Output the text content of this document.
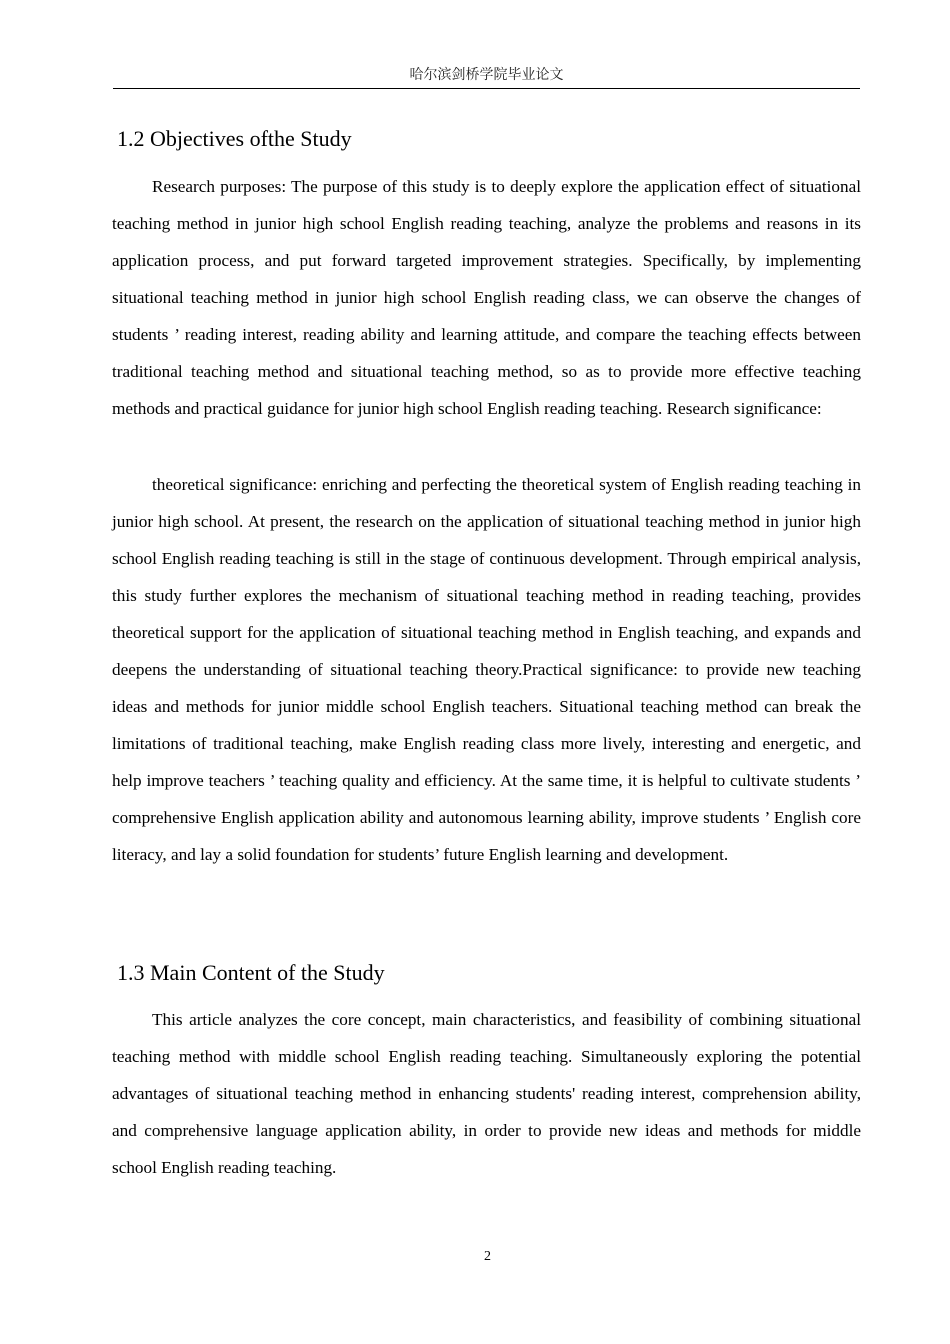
哈尔滨剑桥学院毕业论文
1.2 Objectives ofthe Study

Research purposes: The purpose of this study is to deeply explore the application effect of situational teaching method in junior high school English reading teaching, analyze the problems and reasons in its application process, and put forward targeted improvement strategies. Specifically, by implementing situational teaching method in junior high school English reading class, we can observe the changes of students ’ reading interest, reading ability and learning attitude, and compare the teaching effects between traditional teaching method and situational teaching method, so as to provide more effective teaching methods and practical guidance for junior high school English reading teaching. Research significance:

theoretical significance: enriching and perfecting the theoretical system of English reading teaching in junior high school. At present, the research on the application of situational teaching method in junior high school English reading teaching is still in the stage of continuous development. Through empirical analysis, this study further explores the mechanism of situational teaching method in reading teaching, provides theoretical support for the application of situational teaching method in English teaching, and expands and deepens the understanding of situational teaching theory.Practical significance: to provide new teaching ideas and methods for junior middle school English teachers. Situational teaching method can break the limitations of traditional teaching, make English reading class more lively, interesting and energetic, and help improve teachers ’ teaching quality and efficiency. At the same time, it is helpful to cultivate students ’ comprehensive English application ability and autonomous learning ability, improve students ’ English core literacy, and lay a solid foundation for students’ future English learning and development.

1.3 Main Content of the Study

This article analyzes the core concept, main characteristics, and feasibility of combining situational teaching method with middle school English reading teaching. Simultaneously exploring the potential advantages of situational teaching method in enhancing students' reading interest, comprehension ability, and comprehensive language application ability, in order to provide new ideas and methods for middle school English reading teaching.

2
